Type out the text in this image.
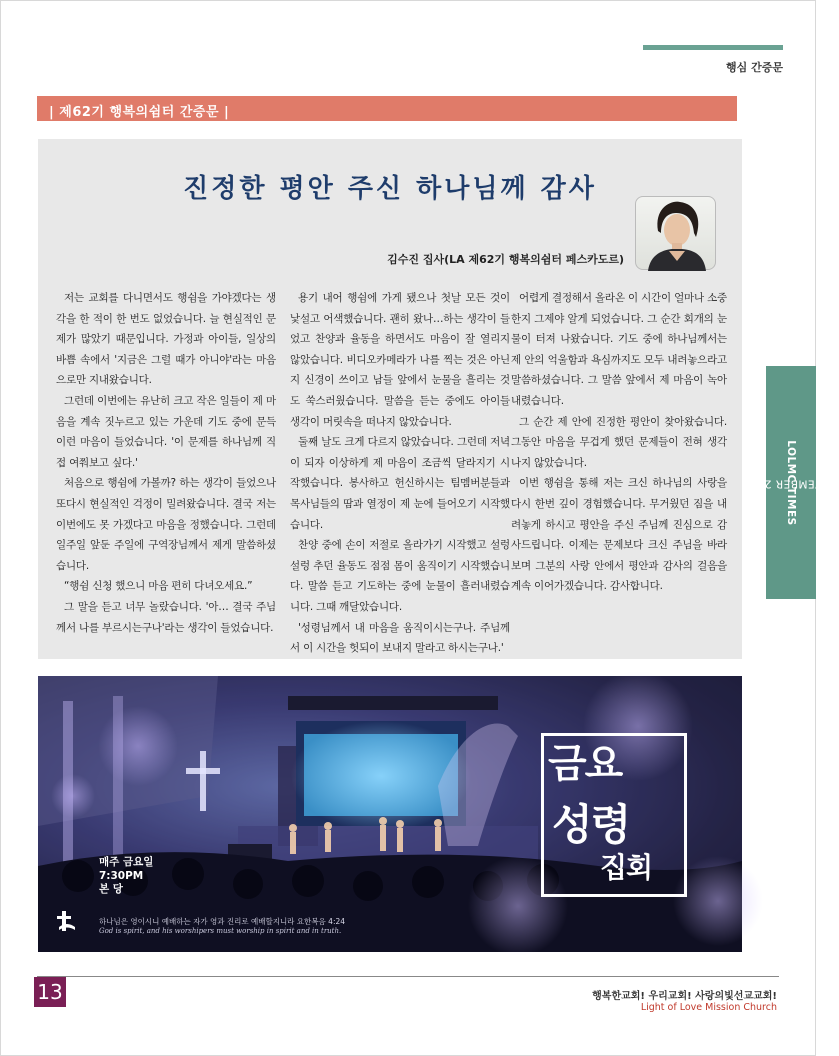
행심 간증문
| 제62기 행복의쉼터 간증문 |
진정한 평안 주신 하나님께 감사
김수진 집사(LA 제62기 행복의쉼터 페스카도르)

저는 교회를 다니면서도 행쉼을 가야겠다는 생각을 한 적이 한 번도 없었습니다. 늘 현실적인 문제가 많았기 때문입니다. 가정과 아이들, 일상의 바쁨 속에서 '지금은 그럴 때가 아니야'라는 마음으로만 지내왔습니다.

그런데 이번에는 유난히 크고 작은 일들이 제 마음을 계속 짓누르고 있는 가운데 기도 중에 문득 이런 마음이 들었습니다. '이 문제를 하나님께 직접 여쭤보고 싶다.'

처음으로 행쉼에 가볼까? 하는 생각이 들었으나 또다시 현실적인 걱정이 밀려왔습니다. 결국 저는 이번에도 못 가겠다고 마음을 정했습니다. 그런데 일주일 앞둔 주일에 구역장님께서 제게 말씀하셨습니다.

“행쉼 신청 했으니 마음 편히 다녀오세요.”

그 말을 듣고 너무 놀랐습니다. '아… 결국 주님께서 나를 부르시는구나'라는 생각이 들었습니다.

용기 내어 행쉼에 가게 됐으나 첫날 모든 것이 낯설고 어색했습니다. 괜히 왔나…하는 생각이 들었고 찬양과 율동을 하면서도 마음이 잘 열리지 않았습니다. 비디오카메라가 나를 찍는 것은 아닌지 신경이 쓰이고 남들 앞에서 눈물을 흘리는 것도 쑥스러웠습니다. 말씀을 듣는 중에도 아이들 생각이 머릿속을 떠나지 않았습니다.

둘째 날도 크게 다르지 않았습니다. 그런데 저녁이 되자 이상하게 제 마음이 조금씩 달라지기 시작했습니다. 봉사하고 헌신하시는 팀멤버분들과 목사님들의 땀과 열정이 제 눈에 들어오기 시작했습니다.

찬양 중에 손이 저절로 올라가기 시작했고 설렁설렁 추던 율동도 점점 몸이 움직이기 시작했습니다. 말씀 듣고 기도하는 중에 눈물이 흘러내렸습니다. 그때 깨달았습니다.

'성령님께서 내 마음을 움직이시는구나. 주님께서 이 시간을 헛되이 보내지 말라고 하시는구나.'

어렵게 결정해서 올라온 이 시간이 얼마나 소중한지 그제야 알게 되었습니다. 그 순간 회개의 눈물이 터져 나왔습니다. 기도 중에 하나님께서는 제 안의 억울함과 욕심까지도 모두 내려놓으라고 말씀하셨습니다. 그 말씀 앞에서 제 마음이 녹아내렸습니다.

그 순간 제 안에 진정한 평안이 찾아왔습니다. 그동안 마음을 무겁게 했던 문제들이 전혀 생각나지 않았습니다.

이번 행쉼을 통해 저는 크신 하나님의 사랑을 다시 한번 깊이 경험했습니다. 무거웠던 짐을 내려놓게 하시고 평안을 주신 주님께 진심으로 감사드립니다. 이제는 문제보다 크신 주님을 바라보며 그분의 사랑 안에서 평안과 감사의 걸음을 계속 이어가겠습니다. 감사합니다.

NOVEMBER 2025
LOLMC TIMES
금요
성령
집회
매주 금요일
7:30PM
본 당
하나님은 영이시니 예배하는 자가 영과 진리로 예배할지니라 요한복음 4:24
God is spirit, and his worshipers must worship in spirit and in truth.
13	행복한교회! 우리교회! 사랑의빛선교교회!
Light of Love Mission Church
